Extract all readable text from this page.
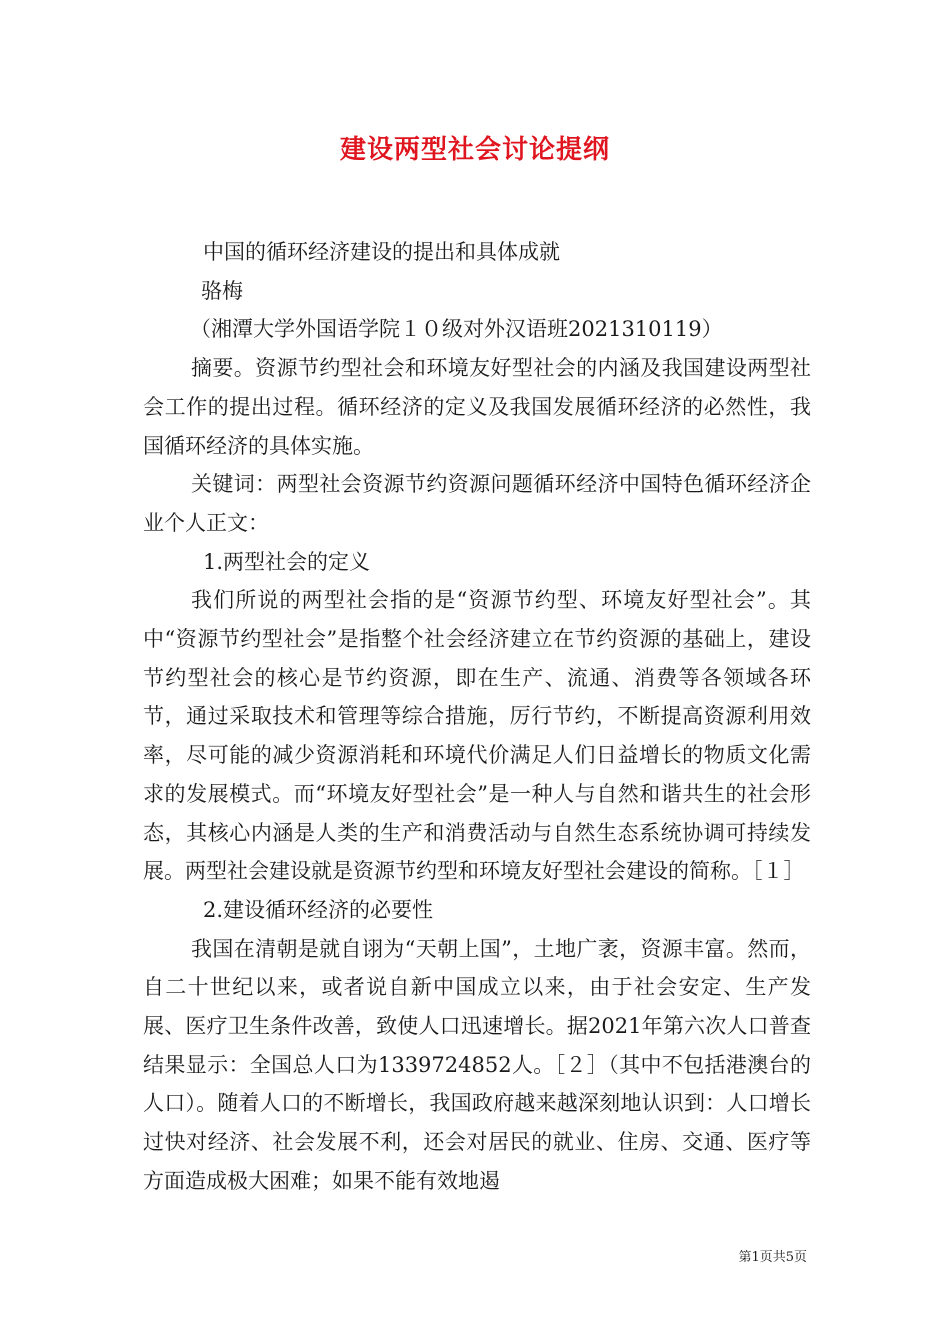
建设两型社会讨论提纲

中国的循环经济建设的提出和具体成就

骆梅

（湘潭大学外国语学院１０级对外汉语班2021310119）

摘要。资源节约型社会和环境友好型社会的内涵及我国建设两型社会工作的提出过程。循环经济的定义及我国发展循环经济的必然性，我国循环经济的具体实施。

关键词：两型社会资源节约资源问题循环经济中国特色循环经济企业个人正文：

1.两型社会的定义

我们所说的两型社会指的是“资源节约型、环境友好型社会”。其中“资源节约型社会”是指整个社会经济建立在节约资源的基础上，建设节约型社会的核心是节约资源，即在生产、流通、消费等各领域各环节，通过采取技术和管理等综合措施，厉行节约，不断提高资源利用效率，尽可能的减少资源消耗和环境代价满足人们日益增长的物质文化需求的发展模式。而“环境友好型社会”是一种人与自然和谐共生的社会形态，其核心内涵是人类的生产和消费活动与自然生态系统协调可持续发展。两型社会建设就是资源节约型和环境友好型社会建设的简称。［１］

2.建设循环经济的必要性

我国在清朝是就自诩为“天朝上国”，土地广袤，资源丰富。然而，自二十世纪以来，或者说自新中国成立以来，由于社会安定、生产发展、医疗卫生条件改善，致使人口迅速增长。据2021年第六次人口普查结果显示：全国总人口为1339724852人。［２］（其中不包括港澳台的人口）。随着人口的不断增长，我国政府越来越深刻地认识到：人口增长过快对经济、社会发展不利，还会对居民的就业、住房、交通、医疗等方面造成极大困难；如果不能有效地遏

第1页共5页
